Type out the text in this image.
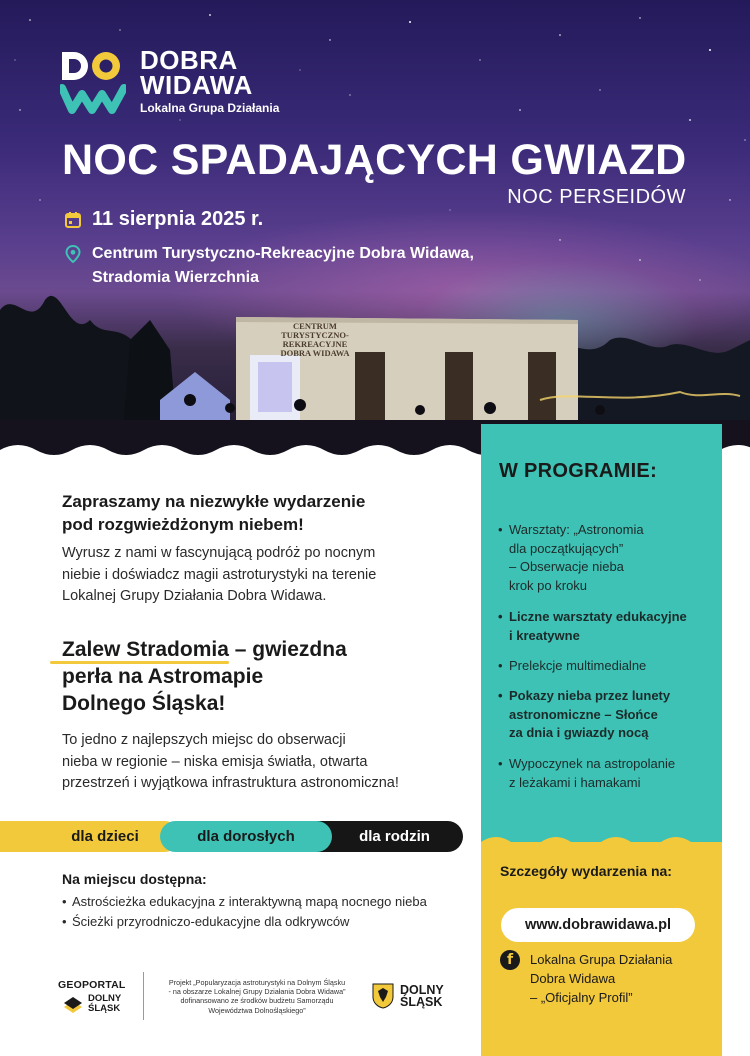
CENTRUM
TURYSTYCZNO-REKREACYJNE
DOBRA WIDAWA
DOBRA
WIDAWA
Lokalna Grupa Działania
NOC SPADAJĄCYCH GWIAZD
NOC PERSEIDÓW
11 sierpnia 2025 r.
Centrum Turystyczno-Rekreacyjne Dobra Widawa,
Stradomia Wierzchnia
W PROGRAMIE:
• Warsztaty: „Astronomia
dla początkujących”
– Obserwacje nieba
krok po kroku
• Liczne warsztaty edukacyjne
i kreatywne
• Prelekcje multimedialne
• Pokazy nieba przez lunety
astronomiczne – Słońce
za dnia i gwiazdy nocą
• Wypoczynek na astropolanie
z leżakami i hamakami
Szczegóły wydarzenia na:
www.dobrawidawa.pl
f	Lokalna Grupa Działania
Dobra Widawa
– „Oficjalny Profil”
Zapraszamy na niezwykłe wydarzenie
pod rozgwieżdżonym niebem!
Wyrusz z nami w fascynującą podróż po nocnym
niebie i doświadcz magii astroturystyki na terenie
Lokalnej Grupy Działania Dobra Widawa.
Zalew Stradomia – gwiezdna
perła na Astromapie
Dolnego Śląska!
To jedno z najlepszych miejsc do obserwacji
nieba w regionie – niska emisja światła, otwarta
przestrzeń i wyjątkowa infrastruktura astronomiczna!
dla dzieci	dla dorosłych	dla rodzin
Na miejscu dostępna:
• Astrościeżka edukacyjna z interaktywną mapą nocnego nieba
• Ścieżki przyrodniczo-edukacyjne dla odkrywców
GEOPORTAL
DOLNY
ŚLĄSK
Projekt „Popularyzacja astroturystyki na Dolnym Śląsku
- na obszarze Lokalnej Grupy Działania Dobra Widawa”
dofinansowano ze środków budżetu Samorządu
Województwa Dolnośląskiego”
DOLNY
ŚLĄSK
